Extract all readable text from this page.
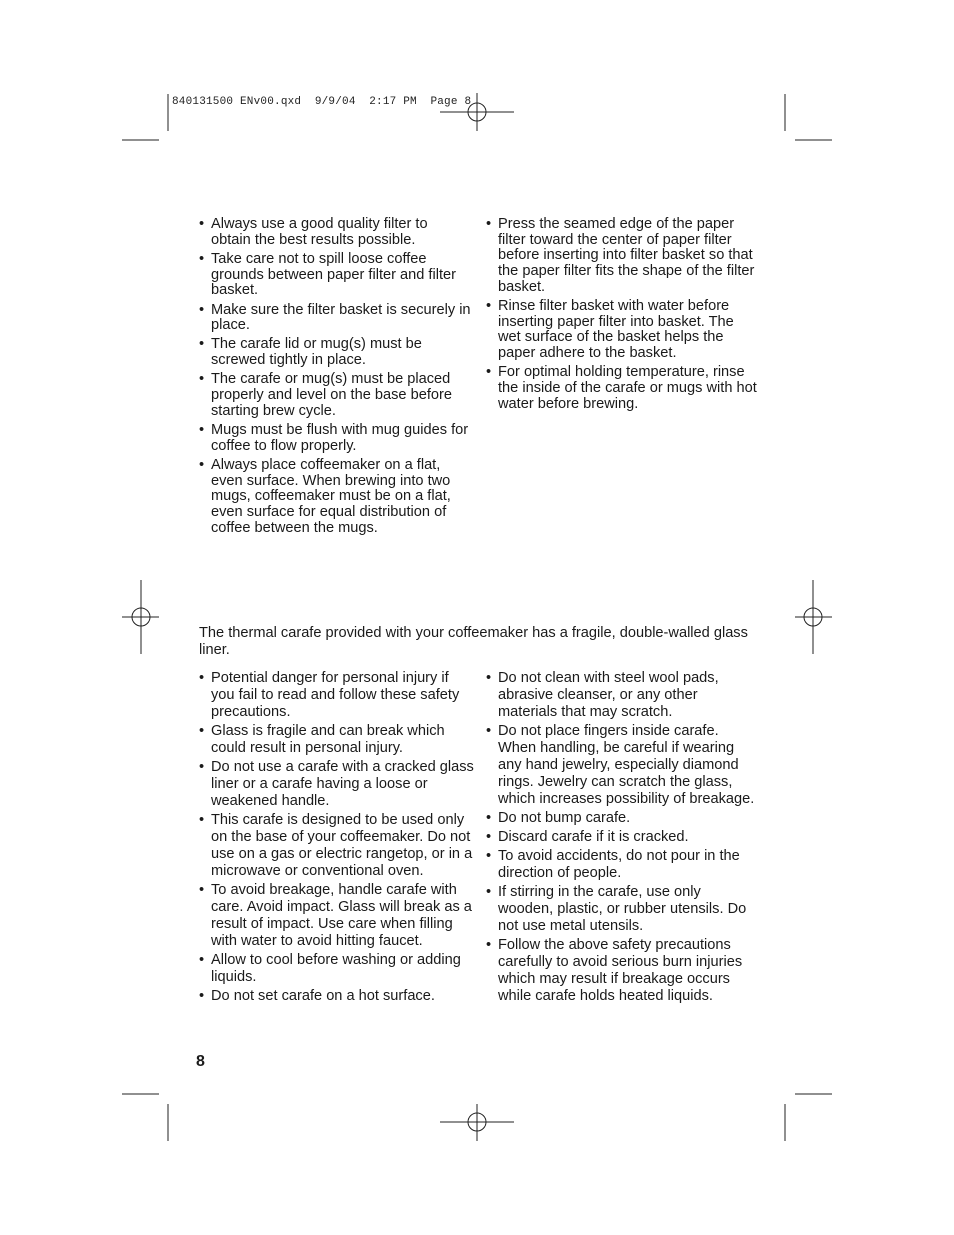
840131500 ENv00.qxd  9/9/04  2:17 PM  Page 8
• Always use a good quality filter to obtain the best results possible.
• Take care not to spill loose coffee grounds between paper filter and filter basket.
• Make sure the filter basket is securely in place.
• The carafe lid or mug(s) must be screwed tightly in place.
• The carafe or mug(s) must be placed properly and level on the base before starting brew cycle.
• Mugs must be flush with mug guides for coffee to flow properly.
• Always place coffeemaker on a flat, even surface. When brewing into two mugs, coffeemaker must be on a flat, even surface for equal distribution of coffee between the mugs.
• Press the seamed edge of the paper filter toward the center of paper filter before inserting into filter basket so that the paper filter fits the shape of the filter basket.
• Rinse filter basket with water before inserting paper filter into basket. The wet surface of the basket helps the paper adhere to the basket.
• For optimal holding temperature, rinse the inside of the carafe or mugs with hot water before brewing.

The thermal carafe provided with your coffeemaker has a fragile, double-walled glass liner.

• Potential danger for personal injury if you fail to read and follow these safety precautions.
• Glass is fragile and can break which could result in personal injury.
• Do not use a carafe with a cracked glass liner or a carafe having a loose or weakened handle.
• This carafe is designed to be used only on the base of your coffeemaker. Do not use on a gas or electric rangetop, or in a microwave or conventional oven.
• To avoid breakage, handle carafe with care. Avoid impact. Glass will break as a result of impact. Use care when filling with water to avoid hitting faucet.
• Allow to cool before washing or adding liquids.
• Do not set carafe on a hot surface.
• Do not clean with steel wool pads, abrasive cleanser, or any other materials that may scratch.
• Do not place fingers inside carafe. When handling, be careful if wearing any hand jewelry, especially diamond rings. Jewelry can scratch the glass, which increases possibility of breakage.
• Do not bump carafe.
• Discard carafe if it is cracked.
• To avoid accidents, do not pour in the direction of people.
• If stirring in the carafe, use only wooden, plastic, or rubber utensils. Do not use metal utensils.
• Follow the above safety precautions carefully to avoid serious burn injuries which may result if breakage occurs while carafe holds heated liquids.
8
